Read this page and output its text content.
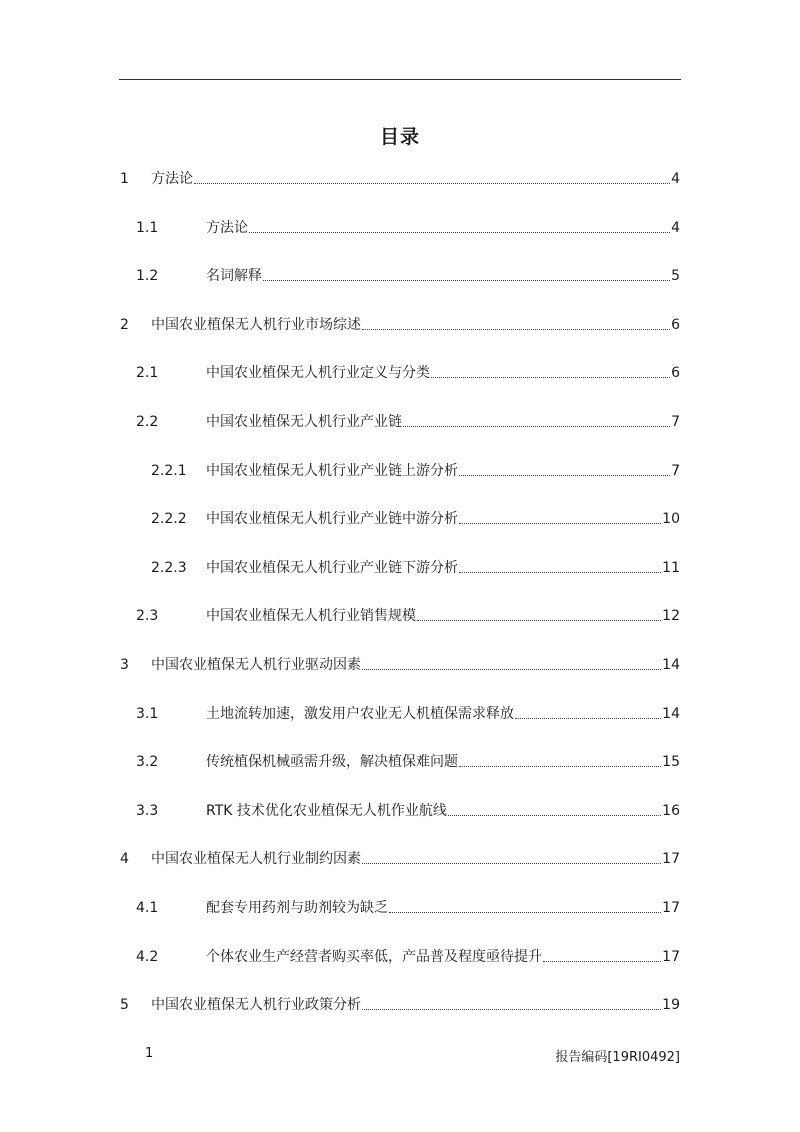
目录
1	方法论	4
1.1	方法论	4
1.2	名词解释	5
2	中国农业植保无人机行业市场综述	6
2.1	中国农业植保无人机行业定义与分类	6
2.2	中国农业植保无人机行业产业链	7
2.2.1	中国农业植保无人机行业产业链上游分析	7
2.2.2	中国农业植保无人机行业产业链中游分析	10
2.2.3	中国农业植保无人机行业产业链下游分析	11
2.3	中国农业植保无人机行业销售规模	12
3	中国农业植保无人机行业驱动因素	14
3.1	土地流转加速，激发用户农业无人机植保需求释放	14
3.2	传统植保机械亟需升级，解决植保难问题	15
3.3	RTK 技术优化农业植保无人机作业航线	16
4	中国农业植保无人机行业制约因素	17
4.1	配套专用药剂与助剂较为缺乏	17
4.2	个体农业生产经营者购买率低，产品普及程度亟待提升	17
5	中国农业植保无人机行业政策分析	19
1	报告编码[19RI0492]
